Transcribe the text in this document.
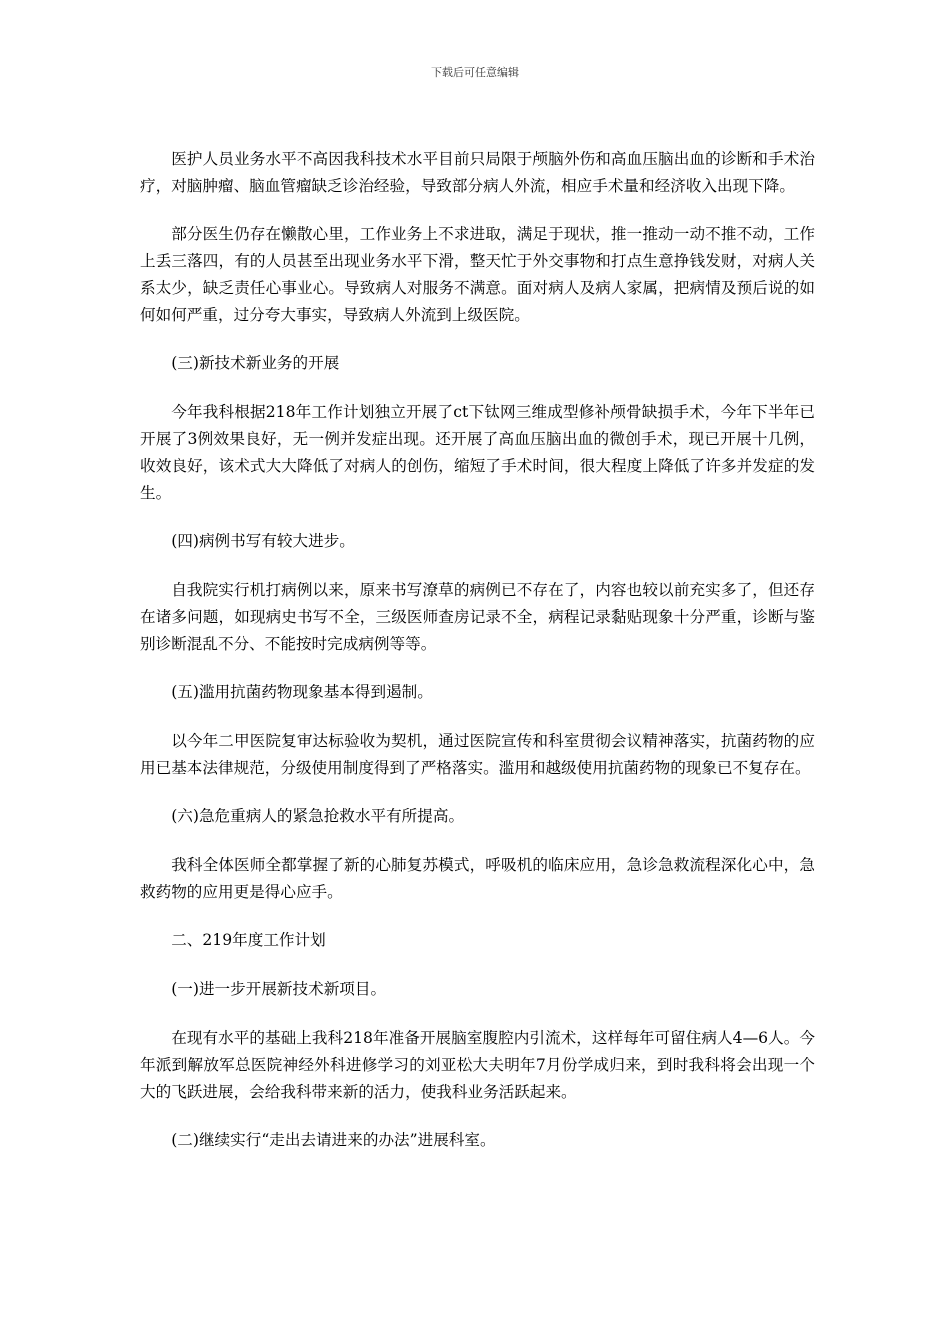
下载后可任意编辑

医护人员业务水平不高因我科技术水平目前只局限于颅脑外伤和高血压脑出血的诊断和手术治疗，对脑肿瘤、脑血管瘤缺乏诊治经验，导致部分病人外流，相应手术量和经济收入出现下降。

部分医生仍存在懒散心里，工作业务上不求进取，满足于现状，推一推动一动不推不动，工作上丢三落四，有的人员甚至出现业务水平下滑，整天忙于外交事物和打点生意挣钱发财，对病人关系太少，缺乏责任心事业心。导致病人对服务不满意。面对病人及病人家属，把病情及预后说的如何如何严重，过分夸大事实，导致病人外流到上级医院。

(三)新技术新业务的开展

今年我科根据218年工作计划独立开展了ct下钛网三维成型修补颅骨缺损手术，今年下半年已开展了3例效果良好，无一例并发症出现。还开展了高血压脑出血的微创手术，现已开展十几例，收效良好，该术式大大降低了对病人的创伤，缩短了手术时间，很大程度上降低了许多并发症的发生。

(四)病例书写有较大进步。

自我院实行机打病例以来，原来书写潦草的病例已不存在了，内容也较以前充实多了，但还存在诸多问题，如现病史书写不全，三级医师查房记录不全，病程记录黏贴现象十分严重，诊断与鉴别诊断混乱不分、不能按时完成病例等等。

(五)滥用抗菌药物现象基本得到遏制。

以今年二甲医院复审达标验收为契机，通过医院宣传和科室贯彻会议精神落实，抗菌药物的应用已基本法律规范，分级使用制度得到了严格落实。滥用和越级使用抗菌药物的现象已不复存在。

(六)急危重病人的紧急抢救水平有所提高。

我科全体医师全都掌握了新的心肺复苏模式，呼吸机的临床应用，急诊急救流程深化心中，急救药物的应用更是得心应手。

二、219年度工作计划

(一)进一步开展新技术新项目。

在现有水平的基础上我科218年准备开展脑室腹腔内引流术，这样每年可留住病人4—6人。今年派到解放军总医院神经外科进修学习的刘亚松大夫明年7月份学成归来，到时我科将会出现一个大的飞跃进展，会给我科带来新的活力，使我科业务活跃起来。

(二)继续实行“走出去请进来的办法”进展科室。
